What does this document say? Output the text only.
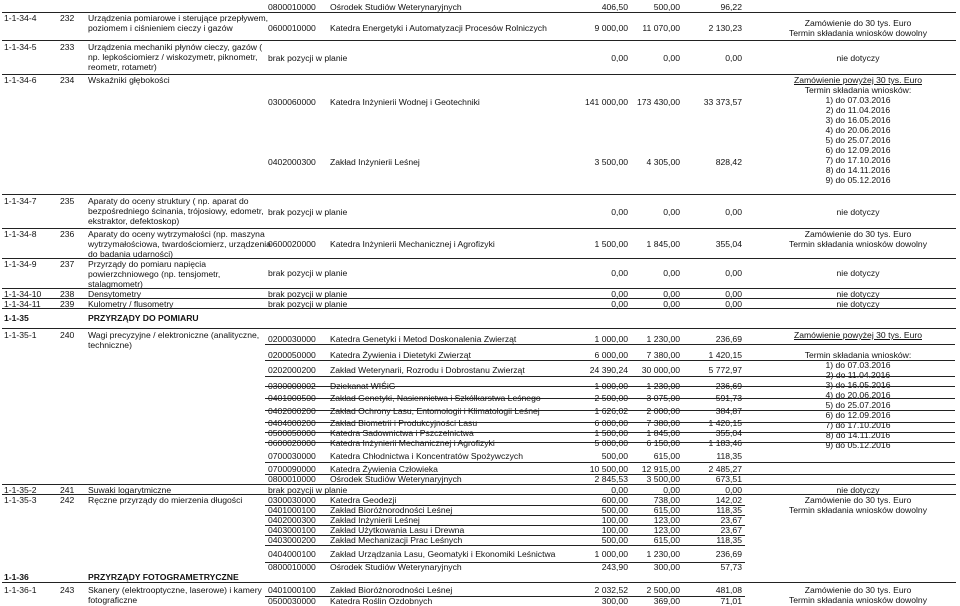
0800010000 Ośrodek Studiów Weterynaryjnych	406,50	500,00	96,22
1-1-34-4	232 Urządzenia pomiarowe i sterujące przepływem,
poziomem i ciśnieniem cieczy i gazów	0600010000 Katedra Energetyki i Automatyzacji Procesów Rolniczych	9 000,00	11 070,00	2 130,23	Zamówienie do 30 tys. Euro
Termin składania wniosków dowolny
1-1-34-5	233 Urządzenia mechaniki płynów cieczy, gazów (
np. lepkościomierz / wiskozymetr, piknometr,
reometr, rotametr)
brak pozycji w planie	0,00	0,00	0,00	nie dotyczy
1-1-34-6	234 Wskaźniki głębokości
0300060000 Katedra Inżynierii Wodnej i Geotechniki	141 000,00	173 430,00	33 373,57
0402000300 Zakład Inżynierii Leśnej	3 500,00	4 305,00	828,42
Zamówienie powyżej 30 tys. Euro
Termin składania wniosków:
1) do 07.03.2016
2) do 11.04.2016
3) do 16.05.2016
4) do 20.06.2016
5) do 25.07.2016
6) do 12.09.2016
7) do 17.10.2016
8) do 14.11.2016
9) do 05.12.2016
1-1-34-7	235 Aparaty do oceny struktury ( np. aparat do
bezpośredniego ścinania, trójosiowy, edometr,
ekstraktor, defektoskop)
brak pozycji w planie	0,00	0,00	0,00	nie dotyczy
1-1-34-8	236 Aparaty do oceny wytrzymałości (np. maszyna
wytrzymałościowa, twardościomierz, urządzenia
do badania udarności)
0600020000 Katedra Inżynierii Mechanicznej i Agrofizyki	1 500,00	1 845,00	355,04
Zamówienie do 30 tys. Euro
Termin składania wniosków dowolny
1-1-34-9	237 Przyrządy do pomiaru napięcia
powierzchniowego (np. tensjometr,
stalagmometr)
brak pozycji w planie	0,00	0,00	0,00	nie dotyczy
1-1-34-10 238 Densytometry	brak pozycji w planie	0,00	0,00	0,00	nie dotyczy
1-1-34-11 239 Kulometry / flusometry	brak pozycji w planie	0,00	0,00	0,00	nie dotyczy
1-1-35	PRZYRZĄDY DO POMIARU
1-1-35-1	240 Wagi precyzyjne / elektroniczne (analityczne,
techniczne)
0200030000 Katedra Genetyki i Metod Doskonalenia Zwierząt	1 000,00	1 230,00	236,69
0200050000 Katedra Żywienia i Dietetyki Zwierząt	6 000,00	7 380,00	1 420,15
0202000200 Zakład Weterynarii, Rozrodu i Dobrostanu Zwierząt	24 390,24	30 000,00	5 772,97
0300000002 Dziekanat WIŚiG	1 000,00	1 230,00	236,69
0401000500 Zakład Genetyki, Nasiennictwa i Szkółkarstwa Leśnego	2 500,00	3 075,00	591,73
0402000200 Zakład Ochrony Lasu, Entomologii i Klimatologii Leśnej	1 626,02	2 000,00	384,87
0404000200 Zakład Biometrii i Produkcyjności Lasu	6 000,00	7 380,00	1 420,15
0500050000 Katedra Sadownictwa i Pszczelnictwa	1 500,00	1 845,00	355,04
0600020000 Katedra Inżynierii Mechanicznej i Agrofizyki	5 000,00	6 150,00	1 183,46
0700030000 Katedra Chłodnictwa i Koncentratów Spożywczych	500,00	615,00	118,35
0700090000 Katedra Żywienia Człowieka	10 500,00	12 915,00	2 485,27
0800010000 Ośrodek Studiów Weterynaryjnych	2 845,53	3 500,00	673,51
Zamówienie powyżej 30 tys. Euro
Termin składania wniosków:
1) do 07.03.2016
2) do 11.04.2016
3) do 16.05.2016
4) do 20.06.2016
5) do 25.07.2016
6) do 12.09.2016
7) do 17.10.2016
8) do 14.11.2016
9) do 05.12.2016
1-1-35-2	241 Suwaki logarytmiczne	brak pozycji w planie	0,00	0,00	0,00	nie dotyczy
1-1-35-3	242 Ręczne przyrządy do mierzenia długości	0300030000 Katedra Geodezji	600,00	738,00	142,02
0401000100 Zakład Bioróżnorodności Leśnej	500,00	615,00	118,35
0402000300 Zakład Inżynierii Leśnej	100,00	123,00	23,67
0403000100 Zakład Użytkowania Lasu i Drewna	100,00	123,00	23,67
0403000200 Zakład Mechanizacji Prac Leśnych	500,00	615,00	118,35
0404000100 Zakład Urządzania Lasu, Geomatyki i Ekonomiki Leśnictwa	1 000,00	1 230,00	236,69
0800010000 Ośrodek Studiów Weterynaryjnych	243,90	300,00	57,73
Zamówienie do 30 tys. Euro
Termin składania wniosków dowolny
1-1-36	PRZYRZĄDY FOTOGRAMETRYCZNE
1-1-36-1	243 Skanery (elektrooptyczne, laserowe) i kamery
fotograficzne
0401000100 Zakład Bioróżnorodności Leśnej	2 032,52	2 500,00	481,08
0500030000 Katedra Roślin Ozdobnych	300,00	369,00	71,01
Zamówienie do 30 tys. Euro
Termin składania wniosków dowolny
